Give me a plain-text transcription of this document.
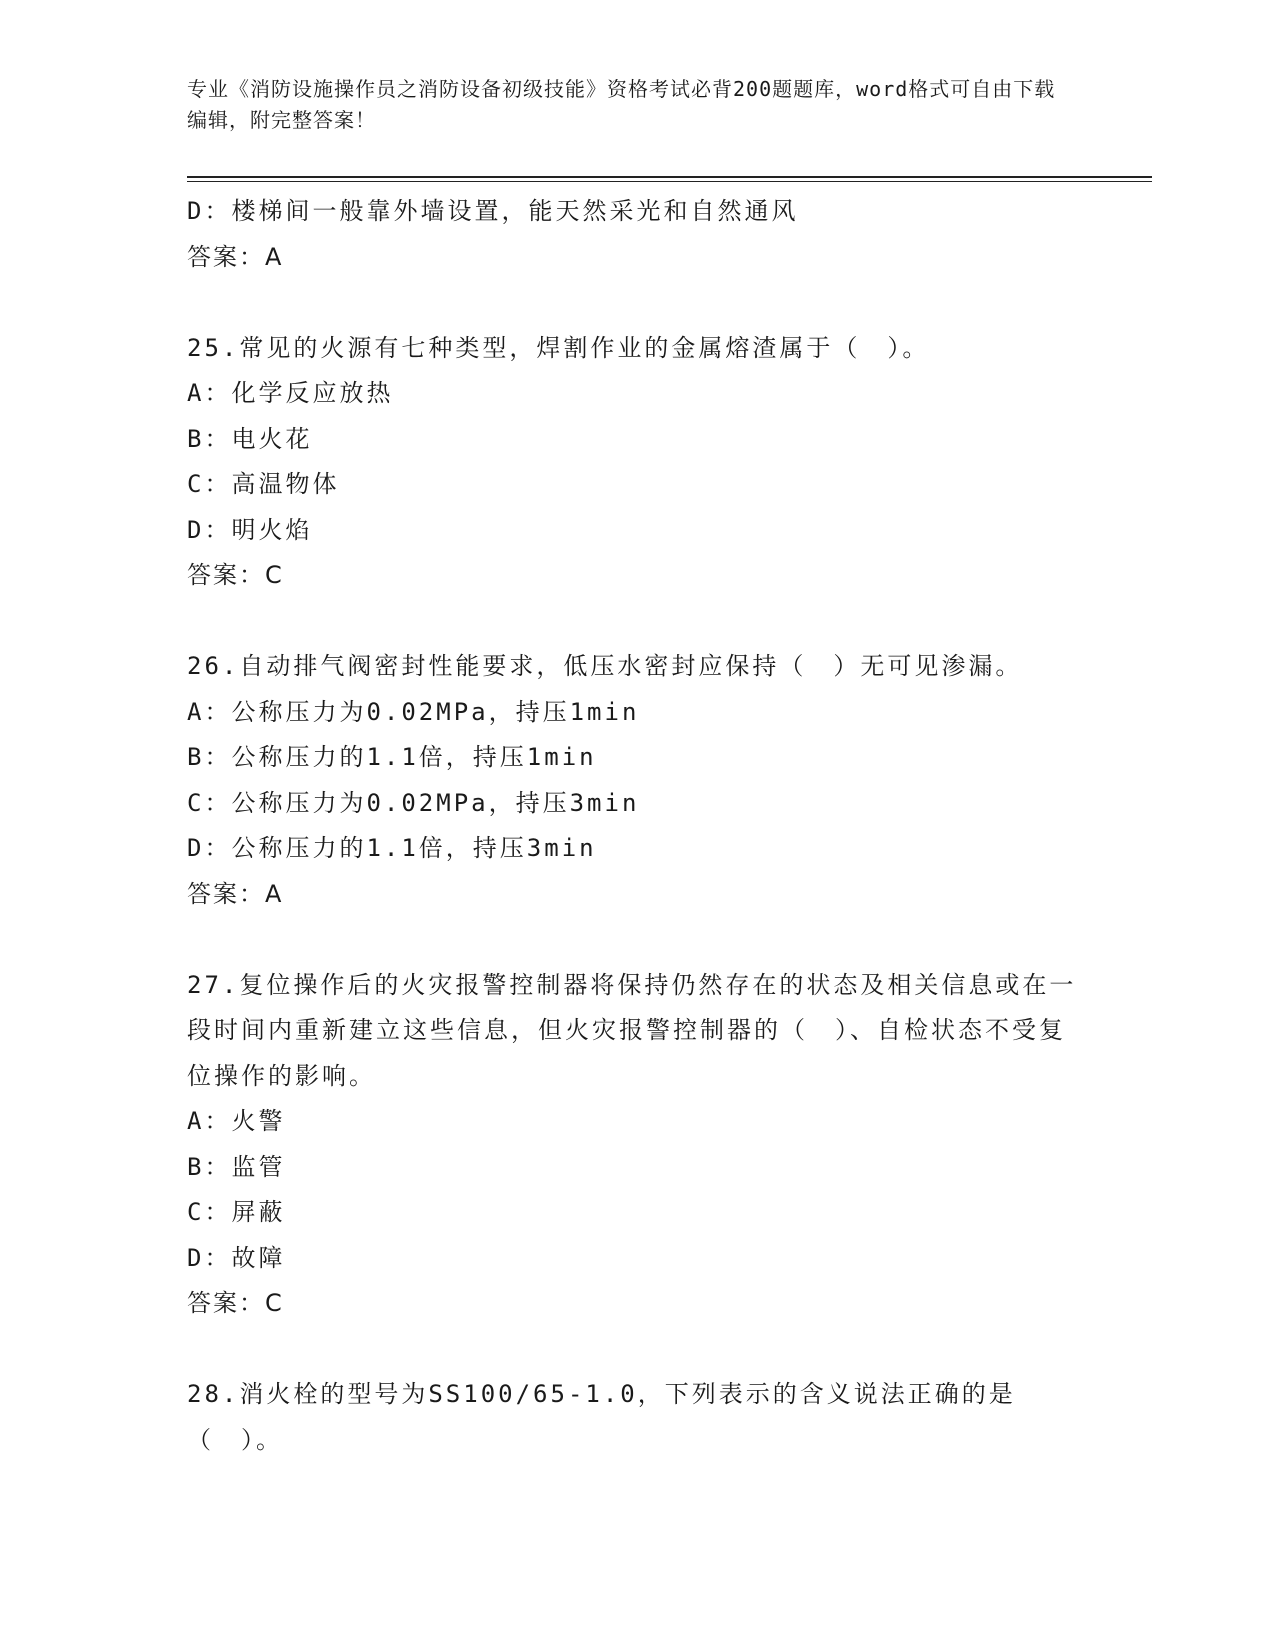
专业《消防设施操作员之消防设备初级技能》资格考试必背200题题库，word格式可自由下载编辑，附完整答案！
D：楼梯间一般靠外墙设置，能天然采光和自然通风
答案：A
25.常见的火源有七种类型，焊割作业的金属熔渣属于（　）。
A：化学反应放热
B：电火花
C：高温物体
D：明火焰
答案：C
26.自动排气阀密封性能要求，低压水密封应保持（　）无可见渗漏。
A：公称压力为0.02MPa，持压1min
B：公称压力的1.1倍，持压1min
C：公称压力为0.02MPa，持压3min
D：公称压力的1.1倍，持压3min
答案：A
27.复位操作后的火灾报警控制器将保持仍然存在的状态及相关信息或在一段时间内重新建立这些信息，但火灾报警控制器的（　）、自检状态不受复位操作的影响。
A：火警
B：监管
C：屏蔽
D：故障
答案：C
28.消火栓的型号为SS100/65-1.0，下列表示的含义说法正确的是（　）。
